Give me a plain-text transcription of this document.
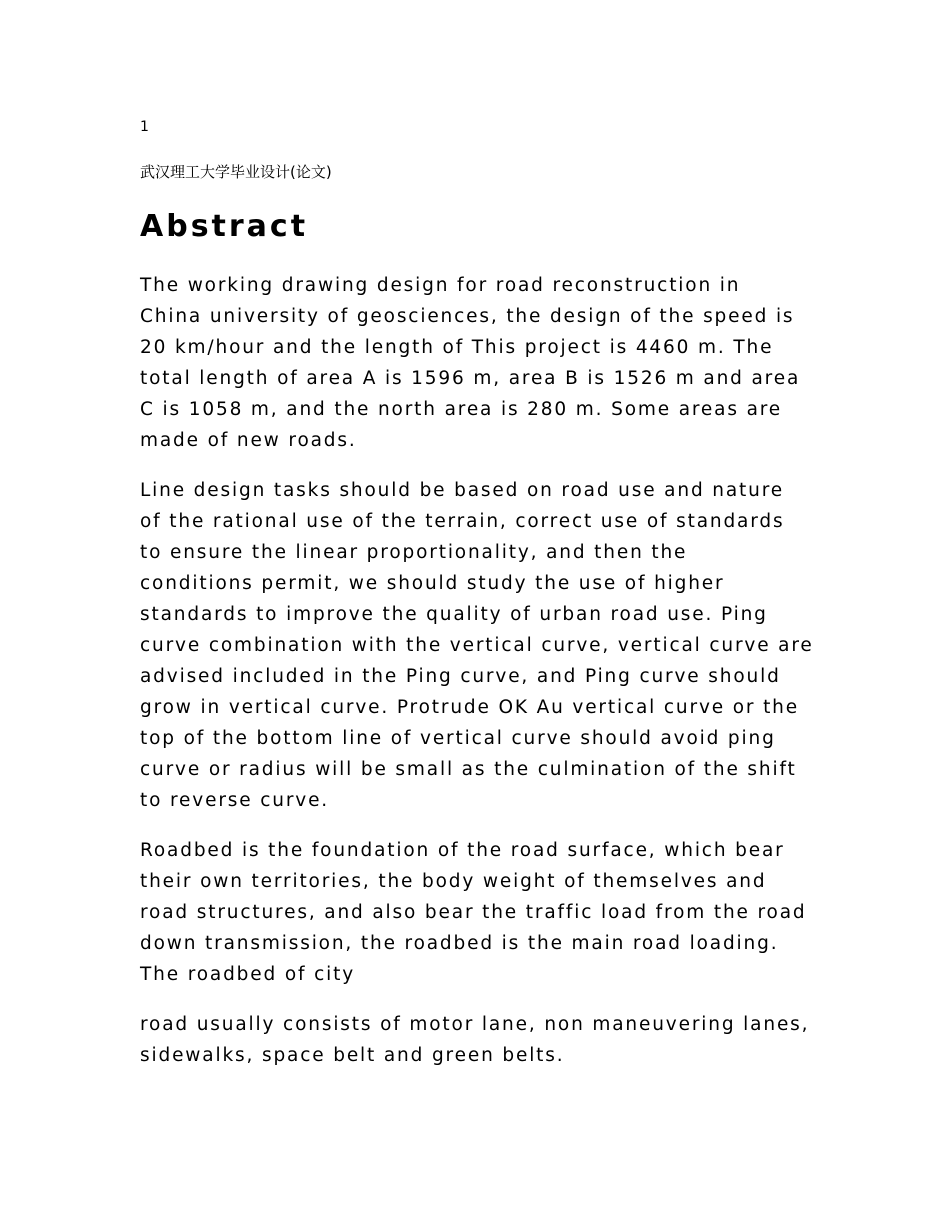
1
武汉理工大学毕业设计(论文)
Abstract

The working drawing design for road reconstruction in
China university of geosciences, the design of the speed is
20 km/hour and the length of This project is 4460 m. The
total length of area A is 1596 m, area B is 1526 m and area
C is 1058 m, and the north area is 280 m. Some areas are
made of new roads.

Line design tasks should be based on road use and nature
of the rational use of the terrain, correct use of standards
to ensure the linear proportionality, and then the
conditions permit, we should study the use of higher
standards to improve the quality of urban road use. Ping
curve combination with the vertical curve, vertical curve are
advised included in the Ping curve, and Ping curve should
grow in vertical curve. Protrude OK Au vertical curve or the
top of the bottom line of vertical curve should avoid ping
curve or radius will be small as the culmination of the shift
to reverse curve.

Roadbed is the foundation of the road surface, which bear
their own territories, the body weight of themselves and
road structures, and also bear the traffic load from the road
down transmission, the roadbed is the main road loading.
The roadbed of city

road usually consists of motor lane, non maneuvering lanes,
sidewalks, space belt and green belts.
